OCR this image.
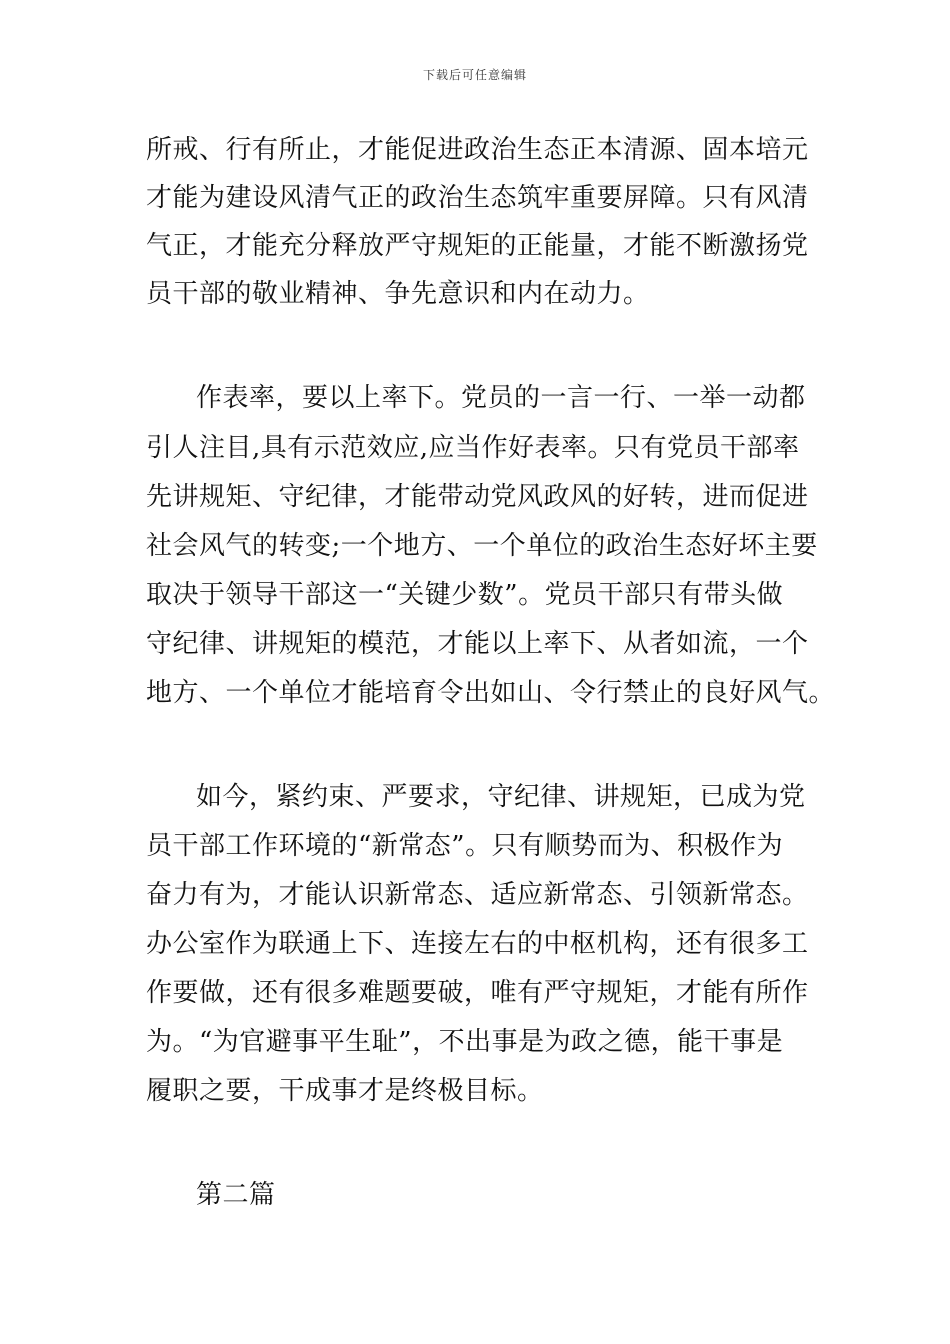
下载后可任意编辑
所戒、行有所止，才能促进政治生态正本清源、固本培元
才能为建设风清气正的政治生态筑牢重要屏障。只有风清
气正，才能充分释放严守规矩的正能量，才能不断激扬党
员干部的敬业精神、争先意识和内在动力。
作表率，要以上率下。党员的一言一行、一举一动都
引人注目,具有示范效应,应当作好表率。只有党员干部率
先讲规矩、守纪律，才能带动党风政风的好转，进而促进
社会风气的转变;一个地方、一个单位的政治生态好坏主要
取决于领导干部这一“关键少数”。党员干部只有带头做
守纪律、讲规矩的模范，才能以上率下、从者如流，一个
地方、一个单位才能培育令出如山、令行禁止的良好风气。
如今，紧约束、严要求，守纪律、讲规矩，已成为党
员干部工作环境的“新常态”。只有顺势而为、积极作为
奋力有为，才能认识新常态、适应新常态、引领新常态。
办公室作为联通上下、连接左右的中枢机构，还有很多工
作要做，还有很多难题要破，唯有严守规矩，才能有所作
为。“为官避事平生耻”，不出事是为政之德，能干事是
履职之要，干成事才是终极目标。
第二篇
